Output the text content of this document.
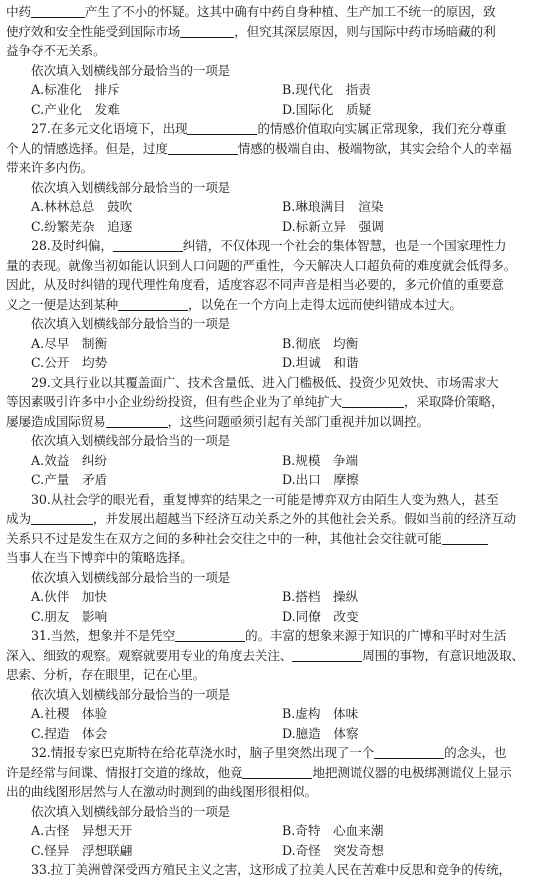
中药	产生了不小的怀疑。这其中确有中药自身种植、生产加工不统一的原因，致

使疗效和安全性能受到国际市场	，但究其深层原因，则与国际中药市场暗藏的利

益争夺不无关系。

依次填入划横线部分最恰当的一项是

A.标准化　排斥	B.现代化　指责
C.产业化　发难	D.国际化　质疑

27.在多元文化语境下，出现	的情感价值取向实属正常现象，我们充分尊重

个人的情感选择。但是，过度	情感的极端自由、极端物欲，其实会给个人的幸福

带来许多内伤。

依次填入划横线部分最恰当的一项是

A.林林总总　鼓吹	B.琳琅满目　渲染
C.纷繁芜杂　追逐	D.标新立异　强调

28.及时纠偏，	纠错，不仅体现一个社会的集体智慧，也是一个国家理性力

量的表现。就像当初如能认识到人口问题的严重性，今天解决人口超负荷的难度就会低得多。

因此，从及时纠错的现代理性角度看，适度容忍不同声音是相当必要的，多元价值的重要意

义之一便是达到某种	，以免在一个方向上走得太远而使纠错成本过大。

依次填入划横线部分最恰当的一项是

A.尽早　制衡	B.彻底　均衡
C.公开　均势	D.坦诚　和谐

29.文具行业以其覆盖面广、技术含量低、进入门槛极低、投资少见效快、市场需求大

等因素吸引许多中小企业纷纷投资，但有些企业为了单纯扩大	，采取降价策略，

屡屡造成国际贸易	，这些问题亟须引起有关部门重视并加以调控。

依次填入划横线部分最恰当的一项是

A.效益　纠纷	B.规模　争端
C.产量　矛盾	D.出口　摩擦

30.从社会学的眼光看，重复博弈的结果之一可能是博弈双方由陌生人变为熟人，甚至

成为	，并发展出超越当下经济互动关系之外的其他社会关系。假如当前的经济互动

关系只不过是发生在双方之间的多种社会交往之中的一种，其他社会交往就可能

当事人在当下博弈中的策略选择。

依次填入划横线部分最恰当的一项是

A.伙伴　加快	B.搭档　操纵
C.朋友　影响	D.同僚　改变

31.当然，想象并不是凭空	的。丰富的想象来源于知识的广博和平时对生活

深入、细致的观察。观察就要用专业的角度去关注、	周围的事物，有意识地汲取、

思索、分析，存在眼里，记在心里。

依次填入划横线部分最恰当的一项是

A.社稷　体验	B.虚构　体味
C.捏造　体会	D.臆造　体察

32.情报专家巴克斯特在给花草浇水时，脑子里突然出现了一个	的念头，也

许是经常与间谍、情报打交道的缘故，他竟	地把测谎仪器的电极绑测谎仪上显示

出的曲线图形居然与人在激动时测到的曲线图形很相似。

依次填入划横线部分最恰当的一项是

A.古怪　异想天开	B.奇特　心血来潮
C.怪异　浮想联翩	D.奇怪　突发奇想

33.拉丁美洲曾深受西方殖民主义之害，这形成了拉美人民在苦难中反思和竞争的传统，
